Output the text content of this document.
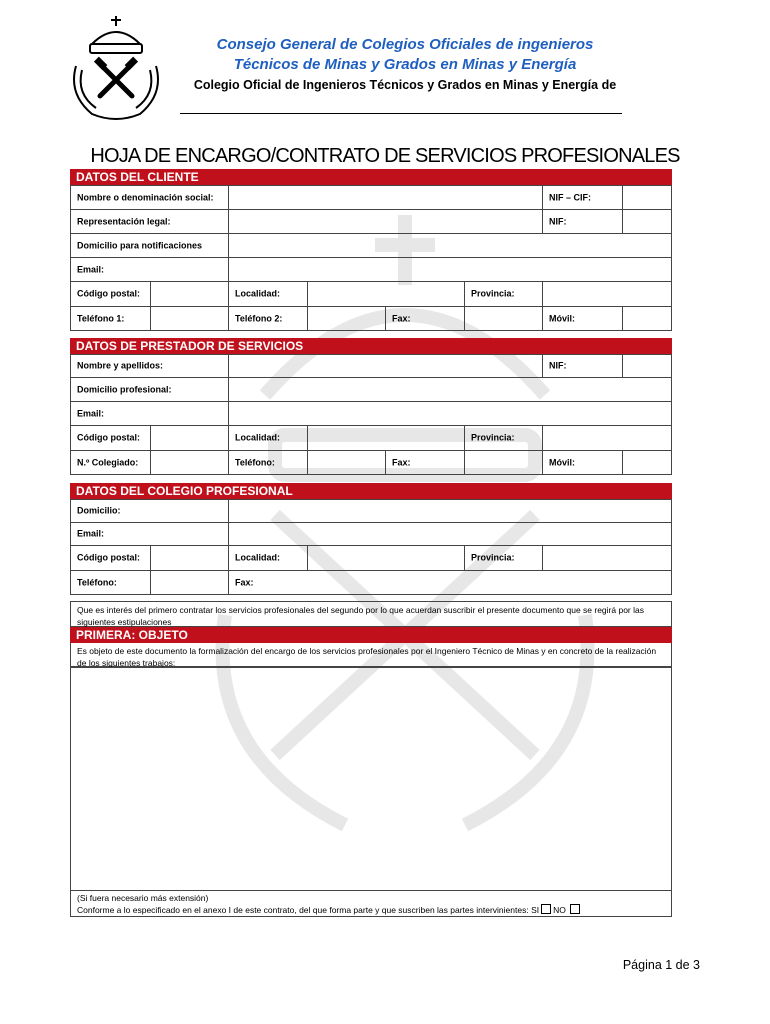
Consejo General de Colegios Oficiales de ingenieros
Técnicos de Minas y Grados en Minas y Energía
Colegio Oficial de Ingenieros Técnicos y Grados en Minas y Energía de
HOJA DE ENCARGO/CONTRATO DE SERVICIOS PROFESIONALES
DATOS DEL CLIENTE
Nombre o denominación social:	NIF – CIF:
Representación legal:	NIF:
Domicilio para notificaciones
Email:
Código postal:	Localidad:	Provincia:
Teléfono 1:	Teléfono 2:	Fax:	Móvil:
DATOS DE PRESTADOR DE SERVICIOS
Nombre y apellidos:	NIF:
Domicilio profesional:
Email:
Código postal:	Localidad:	Provincia:
N.º Colegiado:	Teléfono:	Fax:	Móvil:
DATOS DEL COLEGIO PROFESIONAL
Domicilio:
Email:
Código postal:	Localidad:	Provincia:
Teléfono:	Fax:
Que es interés del primero contratar los servicios profesionales del segundo por lo que acuerdan suscribir el presente documento que se regirá por las siguientes estipulaciones
PRIMERA: OBJETO
Es objeto de este documento la formalización del encargo de los servicios profesionales por el Ingeniero Técnico de Minas y en concreto de la realización de los siguientes trabajos:
(Si fuera necesario más extensión)
Conforme a lo especificado en el anexo I de este contrato, del que forma parte y que suscriben las partes intervinientes: SI NO
Página 1 de 3
